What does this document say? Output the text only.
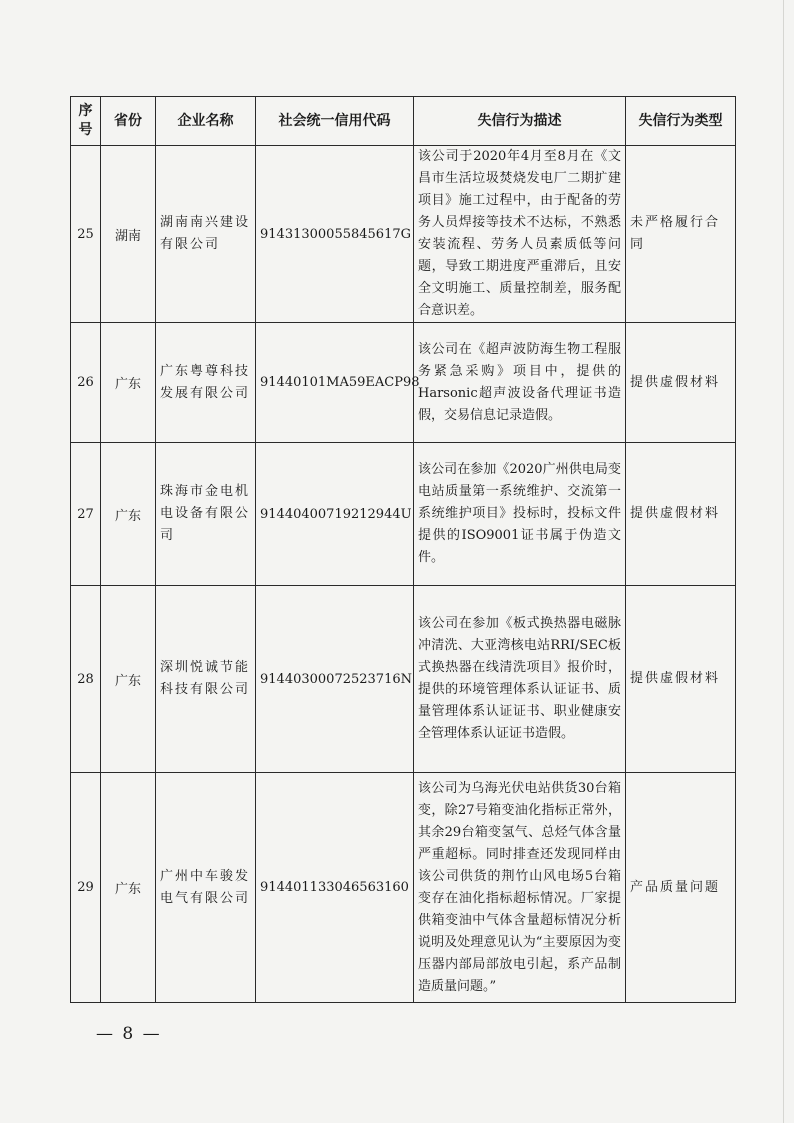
序号	省份	企业名称	社会统一信用代码	失信行为描述	失信行为类型
25	湖南	湖南南兴建设有限公司	91431300055845617G	该公司于2020年4月至8月在《文昌市生活垃圾焚烧发电厂二期扩建项目》施工过程中，由于配备的劳务人员焊接等技术不达标，不熟悉安装流程、劳务人员素质低等问题，导致工期进度严重滞后，且安全文明施工、质量控制差，服务配合意识差。	未严格履行合同
26	广东	广东粤尊科技发展有限公司	91440101MA59EACP98	该公司在《超声波防海生物工程服务紧急采购》项目中，提供的Harsonic超声波设备代理证书造假，交易信息记录造假。	提供虚假材料
27	广东	珠海市金电机电设备有限公司	91440400719212944U	该公司在参加《2020广州供电局变电站质量第一系统维护、交流第一系统维护项目》投标时，投标文件提供的ISO9001证书属于伪造文件。	提供虚假材料
28	广东	深圳悦诚节能科技有限公司	91440300072523716N	该公司在参加《板式换热器电磁脉冲清洗、大亚湾核电站RRI/SEC板式换热器在线清洗项目》报价时，提供的环境管理体系认证证书、质量管理体系认证证书、职业健康安全管理体系认证证书造假。	提供虚假材料
29	广东	广州中车骏发电气有限公司	914401133046563160	该公司为乌海光伏电站供货30台箱变，除27号箱变油化指标正常外，其余29台箱变氢气、总烃气体含量严重超标。同时排查还发现同样由该公司供货的荆竹山风电场5台箱变存在油化指标超标情况。厂家提供箱变油中气体含量超标情况分析说明及处理意见认为“主要原因为变压器内部局部放电引起，系产品制造质量问题。”	产品质量问题
— 8 —
